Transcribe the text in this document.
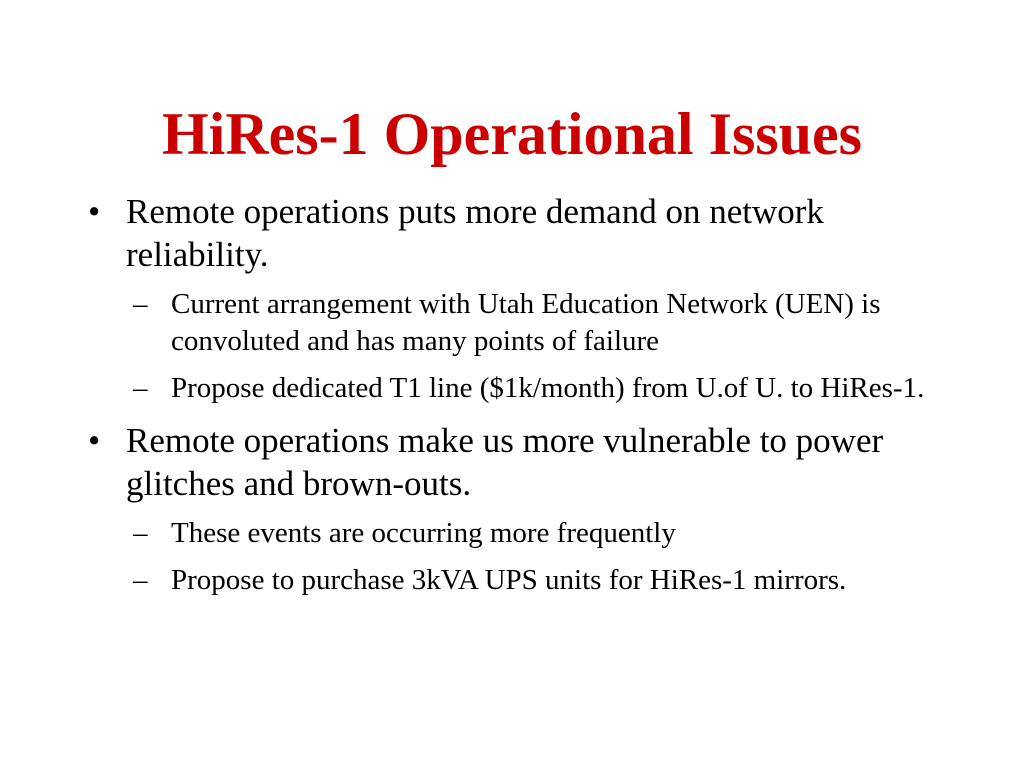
HiRes-1 Operational Issues
• Remote operations puts more demand on network reliability.
– Current arrangement with Utah Education Network (UEN) is convoluted and has many points of failure
– Propose dedicated T1 line ($1k/month) from U.of U. to HiRes-1.
• Remote operations make us more vulnerable to power glitches and brown-outs.
– These events are occurring more frequently
– Propose to purchase 3kVA UPS units for HiRes-1 mirrors.
